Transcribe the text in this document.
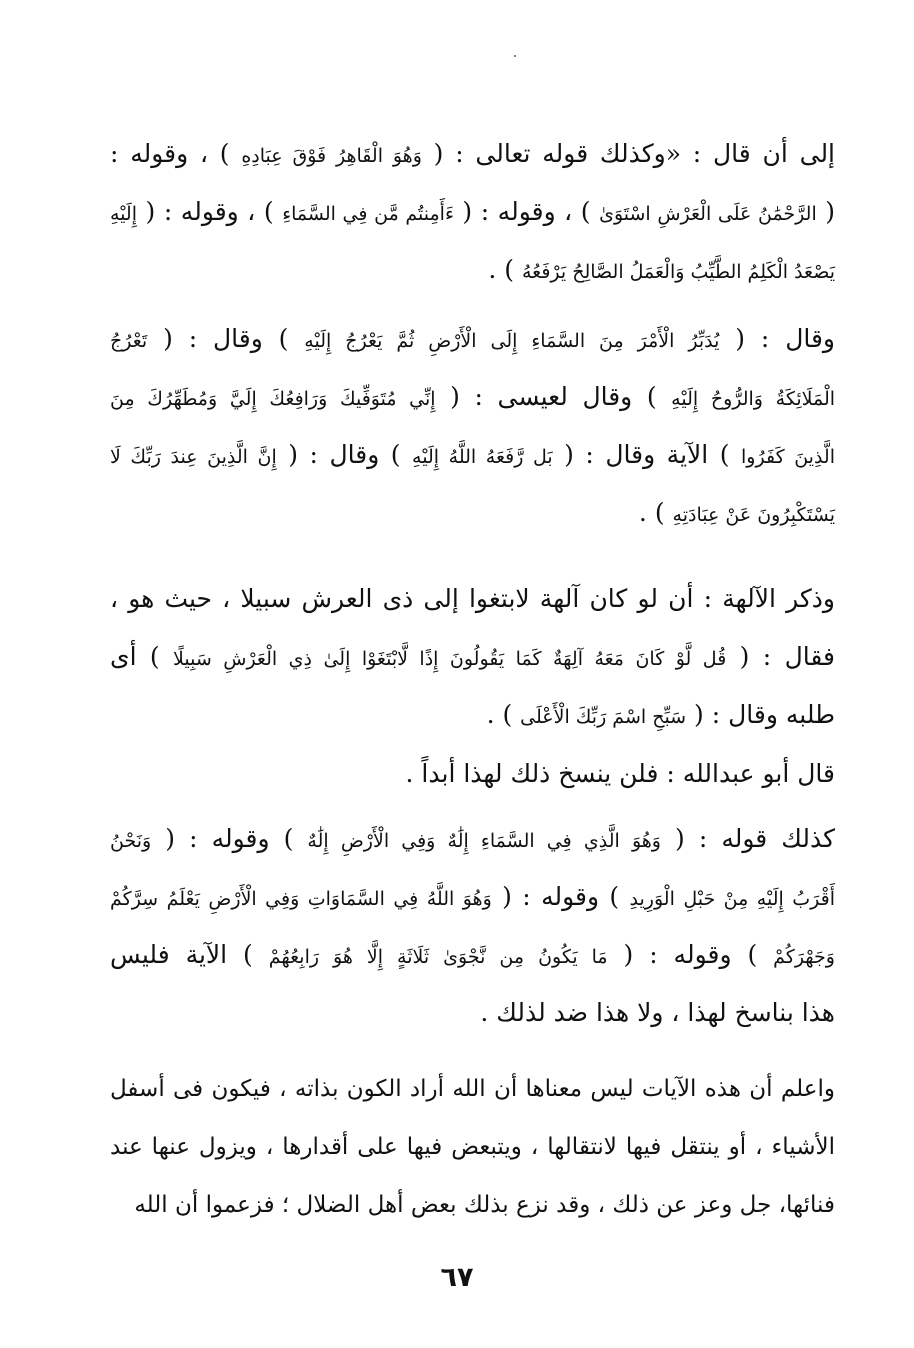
إلى أن قال : «وكذلك قوله تعالى : ( وَهُوَ الْقَاهِرُ فَوْقَ عِبَادِهِ ) ، وقوله :
( الرَّحْمَٰنُ عَلَى الْعَرْشِ اسْتَوَىٰ ) ، وقوله : ( ءَأَمِنتُم مَّن فِي السَّمَاءِ ) ، وقوله : ( إِلَيْهِ
يَصْعَدُ الْكَلِمُ الطَّيِّبُ وَالْعَمَلُ الصَّالِحُ يَرْفَعُهُ ) .
وقال : ( يُدَبِّرُ الْأَمْرَ مِنَ السَّمَاءِ إِلَى الْأَرْضِ ثُمَّ يَعْرُجُ إِلَيْهِ ) وقال : ( تَعْرُجُ
الْمَلَائِكَةُ وَالرُّوحُ إِلَيْهِ ) وقال لعيسى : ( إِنِّي مُتَوَفِّيكَ وَرَافِعُكَ إِلَيَّ وَمُطَهِّرُكَ مِنَ
الَّذِينَ كَفَرُوا ) الآية وقال : ( بَل رَّفَعَهُ اللَّهُ إِلَيْهِ ) وقال : ( إِنَّ الَّذِينَ عِندَ رَبِّكَ لَا
يَسْتَكْبِرُونَ عَنْ عِبَادَتِهِ ) .
وذكر الآلهة : أن لو كان آلهة لابتغوا إلى ذى العرش سبيلا ، حيث هو ،
فقال : ( قُل لَّوْ كَانَ مَعَهُ آلِهَةٌ كَمَا يَقُولُونَ إِذًا لَّابْتَغَوْا إِلَىٰ ذِي الْعَرْشِ سَبِيلًا ) أى
طلبه وقال : ( سَبِّحِ اسْمَ رَبِّكَ الْأَعْلَى ) .
قال أبو عبدالله : فلن ينسخ ذلك لهذا أبداً .
كذلك قوله : ( وَهُوَ الَّذِي فِي السَّمَاءِ إِلَٰهٌ وَفِي الْأَرْضِ إِلَٰهٌ ) وقوله : ( وَنَحْنُ
أَقْرَبُ إِلَيْهِ مِنْ حَبْلِ الْوَرِيدِ ) وقوله : ( وَهُوَ اللَّهُ فِي السَّمَاوَاتِ وَفِي الْأَرْضِ يَعْلَمُ سِرَّكُمْ
وَجَهْرَكُمْ ) وقوله : ( مَا يَكُونُ مِن نَّجْوَىٰ ثَلَاثَةٍ إِلَّا هُوَ رَابِعُهُمْ ) الآية فليس
هذا بناسخ لهذا ، ولا هذا ضد لذلك .
واعلم أن هذه الآيات ليس معناها أن الله أراد الكون بذاته ، فيكون فى أسفل
الأشياء ، أو ينتقل فيها لانتقالها ، ويتبعض فيها على أقدارها ، ويزول عنها عند
فنائها، جل وعز عن ذلك ، وقد نزع بذلك بعض أهل الضلال ؛ فزعموا أن الله
٦٧
